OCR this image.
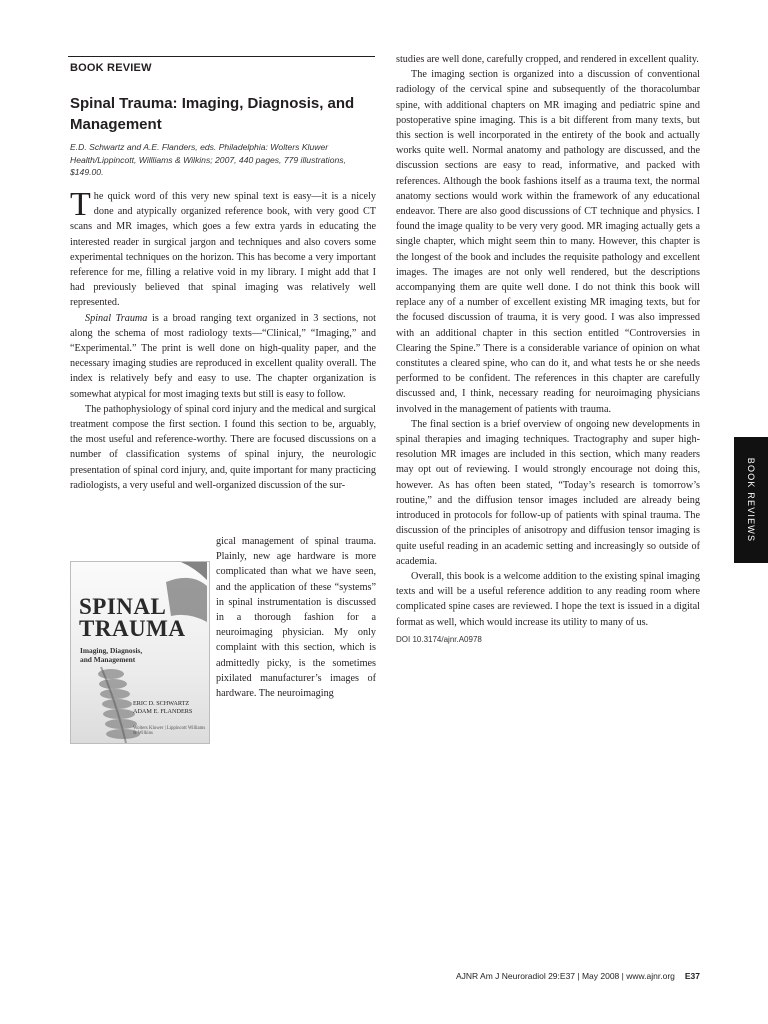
BOOK REVIEW
Spinal Trauma: Imaging, Diagnosis, and Management
E.D. Schwartz and A.E. Flanders, eds. Philadelphia: Wolters Kluwer Health/Lippincott, Willliams & Wilkins; 2007, 440 pages, 779 illustrations, $149.00.

The quick word of this very new spinal text is easy—it is a nicely done and atypically organized reference book, with very good CT scans and MR images, which goes a few extra yards in educating the interested reader in surgical jargon and techniques and also covers some experimental techniques on the horizon. This has become a very important reference for me, filling a relative void in my library. I might add that I had previously believed that spinal imaging was relatively well represented.

Spinal Trauma is a broad ranging text organized in 3 sections, not along the schema of most radiology texts—“Clinical,” “Imaging,” and “Experimental.” The print is well done on high-quality paper, and the necessary imaging studies are reproduced in excellent quality overall. The index is relatively befy and easy to use. The chapter organization is somewhat atypical for most imaging texts but still is easy to follow.

The pathophysiology of spinal cord injury and the medical and surgical treatment compose the first section. I found this section to be, arguably, the most useful and reference-worthy. There are focused discussions on a number of classification systems of spinal injury, the neurologic presentation of spinal cord injury, and, quite important for many practicing radiologists, a very useful and well-organized discussion of the sur-

SPINAL
TRAUMA
Imaging, Diagnosis,
and Management
ERIC D. SCHWARTZ
ADAM E. FLANDERS
Wolters Kluwer | Lippincott Williams & Wilkins

gical management of spinal trauma. Plainly, new age hardware is more complicated than what we have seen, and the application of these “systems” in spinal instrumentation is discussed in a thorough fashion for a neuroimaging physician. My only complaint with this section, which is admittedly picky, is the sometimes pixilated manufacturer’s images of hardware. The neuroimaging

studies are well done, carefully cropped, and rendered in excellent quality.

The imaging section is organized into a discussion of conventional radiology of the cervical spine and subsequently of the thoracolumbar spine, with additional chapters on MR imaging and pediatric spine and postoperative spine imaging. This is a bit different from many texts, but this section is well incorporated in the entirety of the book and actually works quite well. Normal anatomy and pathology are discussed, and the discussion sections are easy to read, informative, and packed with references. Although the book fashions itself as a trauma text, the normal anatomy sections would work within the framework of any educational endeavor. There are also good discussions of CT technique and physics. I found the image quality to be very very good. MR imaging actually gets a single chapter, which might seem thin to many. However, this chapter is the longest of the book and includes the requisite pathology and excellent images. The images are not only well rendered, but the descriptions accompanying them are quite well done. I do not think this book will replace any of a number of excellent existing MR imaging texts, but for the focused discussion of trauma, it is very good. I was also impressed with an additional chapter in this section entitled “Controversies in Clearing the Spine.” There is a considerable variance of opinion on what constitutes a cleared spine, who can do it, and what tests he or she needs performed to be confident. The references in this chapter are carefully discussed and, I think, necessary reading for neuroimaging physicians involved in the management of patients with trauma.

The final section is a brief overview of ongoing new developments in spinal therapies and imaging techniques. Tractography and super high-resolution MR images are included in this section, which many readers may opt out of reviewing. I would strongly encourage not doing this, however. As has often been stated, “Today’s research is tomorrow’s routine,” and the diffusion tensor images included are already being introduced in protocols for follow-up of patients with spinal trauma. The discussion of the principles of anisotropy and diffusion tensor imaging is quite useful reading in an academic setting and increasingly so outside of academia.

Overall, this book is a welcome addition to the existing spinal imaging texts and will be a useful reference addition to any reading room where complicated spine cases are reviewed. I hope the text is issued in a digital format as well, which would increase its utility to many of us.

DOI 10.3174/ajnr.A0978
BOOK REVIEWS
AJNR Am J Neuroradiol 29:E37 | May 2008 | www.ajnr.org E37
